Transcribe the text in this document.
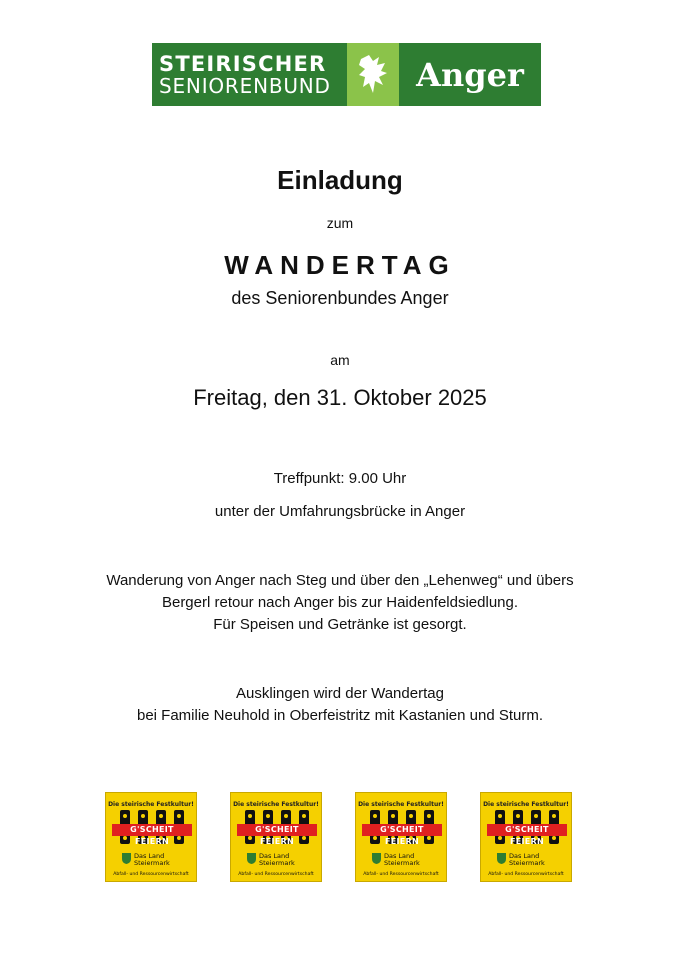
STEIRISCHER
SENIORENBUND	Anger
Einladung
zum
WANDERTAG
des Seniorenbundes Anger
am
Freitag, den 31. Oktober 2025
Treffpunkt: 9.00 Uhr
unter der Umfahrungsbrücke in Anger
Wanderung von Anger nach Steg und über den „Lehenweg“ und übers
Bergerl retour nach Anger bis zur Haidenfeldsiedlung.
Für Speisen und Getränke ist gesorgt.
Ausklingen wird der Wandertag
bei Familie Neuhold in Oberfeistritz mit Kastanien und Sturm.
Die steirische Festkultur!
G'SCHEIT FEIERN
Das Land
Steiermark
Abfall- und Ressourcenwirtschaft
Die steirische Festkultur!
G'SCHEIT FEIERN
Das Land
Steiermark
Abfall- und Ressourcenwirtschaft
Die steirische Festkultur!
G'SCHEIT FEIERN
Das Land
Steiermark
Abfall- und Ressourcenwirtschaft
Die steirische Festkultur!
G'SCHEIT FEIERN
Das Land
Steiermark
Abfall- und Ressourcenwirtschaft
